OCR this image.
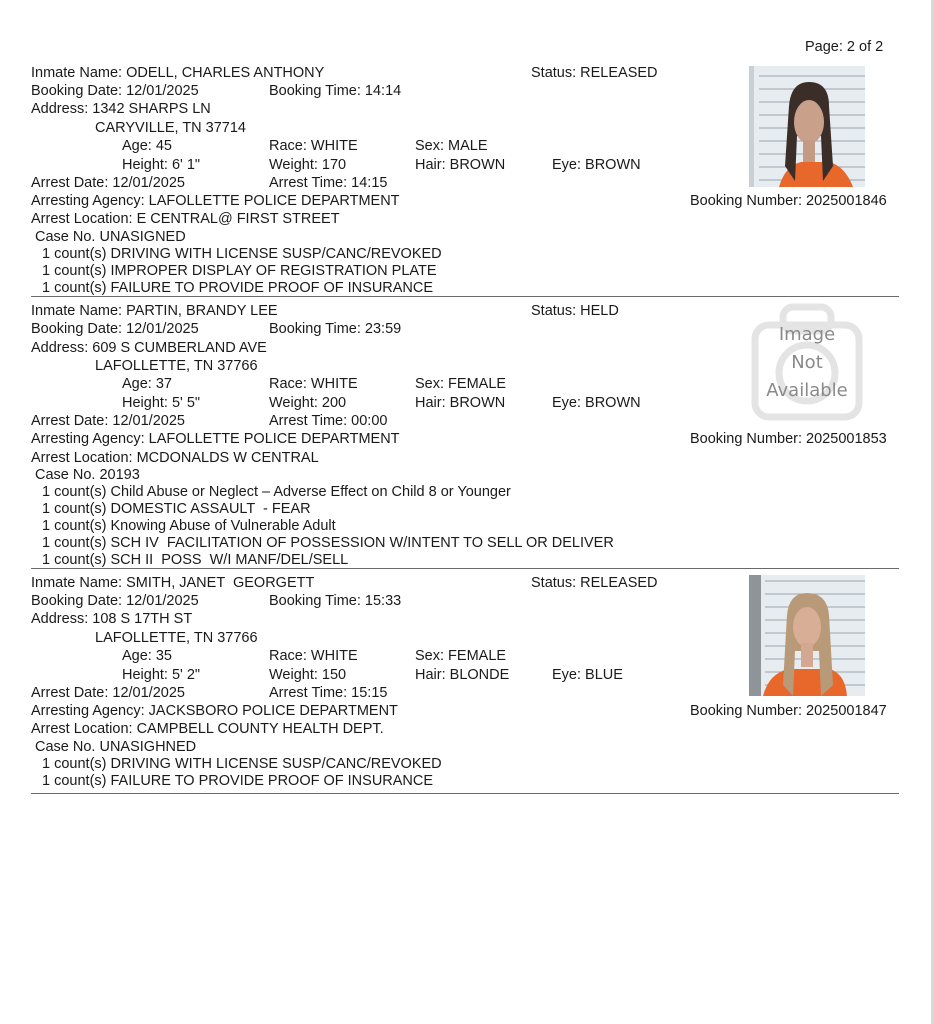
Page: 2 of 2
Inmate Name: ODELL, CHARLES ANTHONY	Status: RELEASED
Booking Date: 12/01/2025	Booking Time: 14:14
Address: 1342 SHARPS LN
CARYVILLE, TN 37714
Age: 45	Race: WHITE	Sex: MALE
Height: 6' 1"	Weight: 170	Hair: BROWN	Eye: BROWN
Arrest Date: 12/01/2025	Arrest Time: 14:15
Arresting Agency: LAFOLLETTE POLICE DEPARTMENT	Booking Number: 2025001846
Arrest Location: E CENTRAL@ FIRST STREET
Case No. UNASIGNED
1 count(s) DRIVING WITH LICENSE SUSP/CANC/REVOKED
1 count(s) IMPROPER DISPLAY OF REGISTRATION PLATE
1 count(s) FAILURE TO PROVIDE PROOF OF INSURANCE
Inmate Name: PARTIN, BRANDY LEE	Status: HELD
Booking Date: 12/01/2025	Booking Time: 23:59
Address: 609 S CUMBERLAND AVE
LAFOLLETTE, TN 37766
Age: 37	Race: WHITE	Sex: FEMALE
Height: 5' 5"	Weight: 200	Hair: BROWN	Eye: BROWN
Arrest Date: 12/01/2025	Arrest Time: 00:00
Arresting Agency: LAFOLLETTE POLICE DEPARTMENT	Booking Number: 2025001853
Arrest Location: MCDONALDS W CENTRAL
Case No. 20193
1 count(s) Child Abuse or Neglect – Adverse Effect on Child 8 or Younger
1 count(s) DOMESTIC ASSAULT  - FEAR
1 count(s) Knowing Abuse of Vulnerable Adult
1 count(s) SCH IV  FACILITATION OF POSSESSION W/INTENT TO SELL OR DELIVER
1 count(s) SCH II  POSS  W/I MANF/DEL/SELL
Image
Not
Available
Inmate Name: SMITH, JANET  GEORGETT	Status: RELEASED
Booking Date: 12/01/2025	Booking Time: 15:33
Address: 108 S 17TH ST
LAFOLLETTE, TN 37766
Age: 35	Race: WHITE	Sex: FEMALE
Height: 5' 2"	Weight: 150	Hair: BLONDE	Eye: BLUE
Arrest Date: 12/01/2025	Arrest Time: 15:15
Arresting Agency: JACKSBORO POLICE DEPARTMENT	Booking Number: 2025001847
Arrest Location: CAMPBELL COUNTY HEALTH DEPT.
Case No. UNASIGHNED
1 count(s) DRIVING WITH LICENSE SUSP/CANC/REVOKED
1 count(s) FAILURE TO PROVIDE PROOF OF INSURANCE
